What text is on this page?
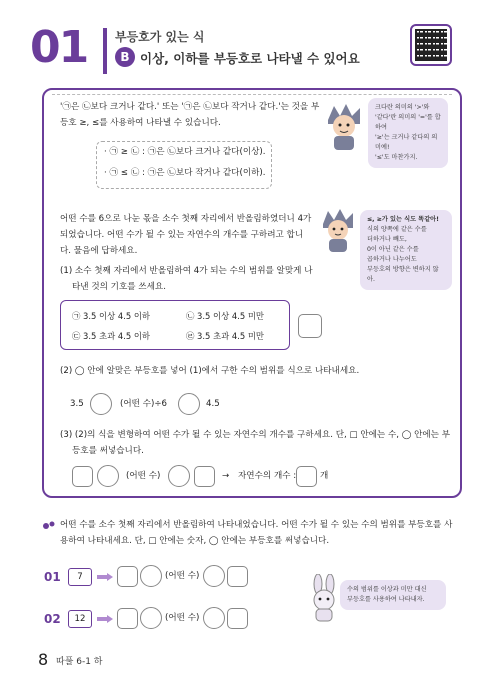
01 부등호가 있는 식
B 이상, 이하를 부등호로 나타낼 수 있어요
'㉠은 ㉡보다 크거나 같다.' 또는 '㉠은 ㉡보다 작거나 같다.'는 것을 부
등호 ≥, ≤를 사용하여 나타낼 수 있습니다.
· ㉠ ≥ ㉡ : ㉠은 ㉡보다 크거나 같다(이상).
· ㉠ ≤ ㉡ : ㉠은 ㉡보다 작거나 같다(이하).
크다란 의미의 '>'와
'같다'란 의미의 '='를 합하여
'≥'는 크거나 같다의 의미예!
'≤'도 마찬가지.
어떤 수를 6으로 나눈 몫을 소수 첫째 자리에서 반올림하였더니 4가
되었습니다. 어떤 수가 될 수 있는 자연수의 개수를 구하려고 합니
다. 물음에 답하세요.
≤, ≥가 있는 식도 똑같아!
식의 양쪽에 같은 수를
더하거나 빼도,
0이 아닌 같은 수를
곱하거나 나누어도
부등호의 방향은 변하지 않아.
(1) 소수 첫째 자리에서 반올림하여 4가 되는 수의 범위를 알맞게 나
타낸 것의 기호를 쓰세요.
㉠ 3.5 이상 4.5 이하	㉡ 3.5 이상 4.5 미만
㉢ 3.5 초과 4.5 이하	㉣ 3.5 초과 4.5 미만
(2) ◯ 안에 알맞은 부등호를 넣어 (1)에서 구한 수의 범위를 식으로 나타내세요.
3.5	(어떤 수)÷6	4.5
(3) (2)의 식을 변형하여 어떤 수가 될 수 있는 자연수의 개수를 구하세요. 단, □ 안에는 수, ◯ 안에는 부
등호를 써넣습니다.
(어떤 수)	→ 자연수의 개수 :	개
어떤 수를 소수 첫째 자리에서 반올림하여 나타내었습니다. 어떤 수가 될 수 있는 수의 범위를 부등호를 사
용하여 나타내세요. 단, □ 안에는 숫자, ◯ 안에는 부등호를 써넣습니다.
01	7	(어떤 수)
02	12	(어떤 수)
수의 범위를 이상과 미만 대신
부등호를 사용하여 나타내자.
8 따풀 6-1 하
